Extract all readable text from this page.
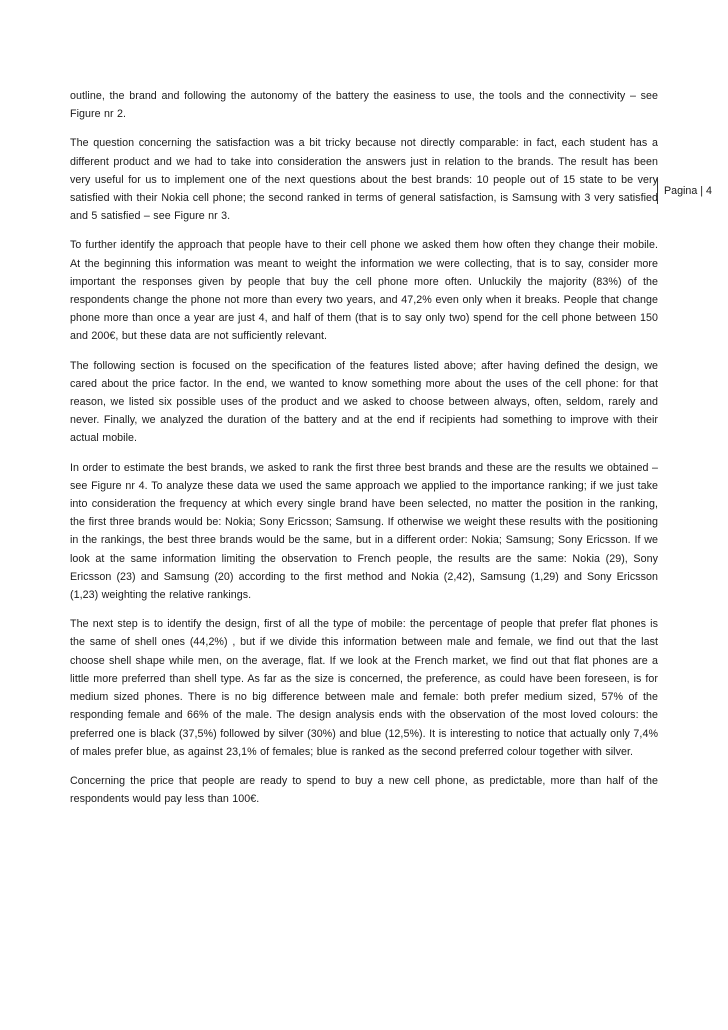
outline, the brand and following the autonomy of the battery the easiness to use, the tools and the connectivity – see Figure nr 2.

The question concerning the satisfaction was a bit tricky because not directly comparable: in fact, each student has a different product and we had to take into consideration the answers just in relation to the brands. The result has been very useful for us to implement one of the next questions about the best brands: 10 people out of 15 state to be very satisfied with their Nokia cell phone; the second ranked in terms of general satisfaction, is Samsung with 3 very satisfied and 5 satisfied – see Figure nr 3.

To further identify the approach that people have to their cell phone we asked them how often they change their mobile. At the beginning this information was meant to weight the information we were collecting, that is to say, consider more important the responses given by people that buy the cell phone more often. Unluckily the majority (83%) of the respondents change the phone not more than every two years, and 47,2% even only when it breaks. People that change phone more than once a year are just 4, and half of them (that is to say only two) spend for the cell phone between 150 and 200€, but these data are not sufficiently relevant.

The following section is focused on the specification of the features listed above; after having defined the design, we cared about the price factor. In the end, we wanted to know something more about the uses of the cell phone: for that reason, we listed six possible uses of the product and we asked to choose between always, often, seldom, rarely and never. Finally, we analyzed the duration of the battery and at the end if recipients had something to improve with their actual mobile.

In order to estimate the best brands, we asked to rank the first three best brands and these are the results we obtained – see Figure nr 4. To analyze these data we used the same approach we applied to the importance ranking; if we just take into consideration the frequency at which every single brand have been selected, no matter the position in the ranking, the first three brands would be: Nokia; Sony Ericsson; Samsung. If otherwise we weight these results with the positioning in the rankings, the best three brands would be the same, but in a different order: Nokia; Samsung; Sony Ericsson. If we look at the same information limiting the observation to French people, the results are the same: Nokia (29), Sony Ericsson (23) and Samsung (20) according to the first method and Nokia (2,42), Samsung (1,29) and Sony Ericsson (1,23) weighting the relative rankings.

The next step is to identify the design, first of all the type of mobile: the percentage of people that prefer flat phones is the same of shell ones (44,2%) , but if we divide this information between male and female, we find out that the last choose shell shape while men, on the average, flat. If we look at the French market, we find out that flat phones are a little more preferred than shell type. As far as the size is concerned, the preference, as could have been foreseen, is for medium sized phones. There is no big difference between male and female: both prefer medium sized, 57% of the responding female and 66% of the male. The design analysis ends with the observation of the most loved colours: the preferred one is black (37,5%) followed by silver (30%) and blue (12,5%). It is interesting to notice that actually only 7,4% of males prefer blue, as against 23,1% of females; blue is ranked as the second preferred colour together with silver.

Concerning the price that people are ready to spend to buy a new cell phone, as predictable, more than half of the respondents would pay less than 100€.

Pagina | 4
